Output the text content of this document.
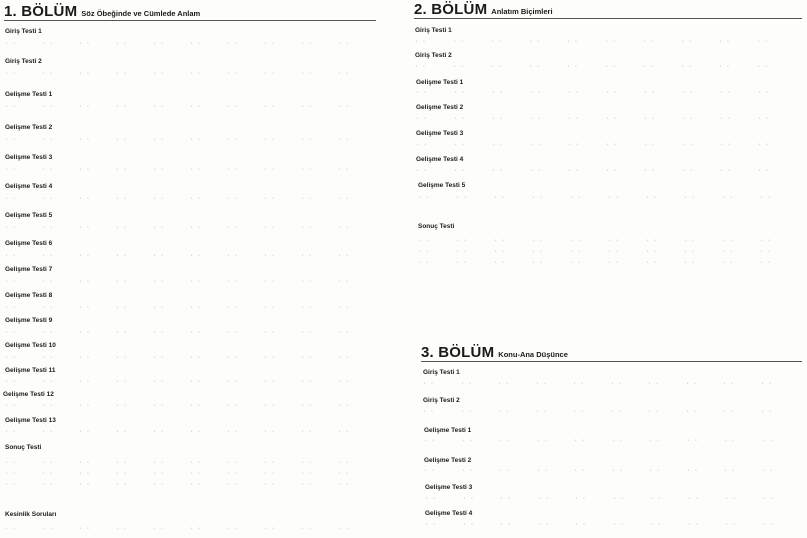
1. BÖLÜM Söz Öbeğinde ve Cümlede Anlam
Giriş Testi 1
· ·	· ·	· ·	· ·	· ·	· ·	· ·	· ·	· ·	· ·
Giriş Testi 2
· ·	· ·	· ·	· ·	· ·	· ·	· ·	· ·	· ·	· ·
Gelişme Testi 1
· ·	· ·	· ·	· ·	· ·	· ·	· ·	· ·	· ·	· ·
Gelişme Testi 2
· ·	· ·	· ·	· ·	· ·	· ·	· ·	· ·	· ·	· ·
Gelişme Testi 3
· ·	· ·	· ·	· ·	· ·	· ·	· ·	· ·	· ·	· ·
Gelişme Testi 4
· ·	· ·	· ·	· ·	· ·	· ·	· ·	· ·	· ·	· ·
Gelişme Testi 5
· ·	· ·	· ·	· ·	· ·	· ·	· ·	· ·	· ·	· ·
Gelişme Testi 6
· ·	· ·	· ·	· ·	· ·	· ·	· ·	· ·	· ·	· ·
Gelişme Testi 7
· ·	· ·	· ·	· ·	· ·	· ·	· ·	· ·	· ·	· ·
Gelişme Testi 8
· ·	· ·	· ·	· ·	· ·	· ·	· ·	· ·	· ·	· ·
Gelişme Testi 9
· ·	· ·	· ·	· ·	· ·	· ·	· ·	· ·	· ·	· ·
Gelişme Testi 10
· ·	· ·	· ·	· ·	· ·	· ·	· ·	· ·	· ·	· ·
Gelişme Testi 11
· ·	· ·	· ·	· ·	· ·	· ·	· ·	· ·	· ·	· ·
Gelişme Testi 12
· ·	· ·	· ·	· ·	· ·	· ·	· ·	· ·	· ·	· ·
Gelişme Testi 13
· ·	· ·	· ·	· ·	· ·	· ·	· ·	· ·	· ·	· ·
Sonuç Testi
· ·	· ·	· ·	· ·	· ·	· ·	· ·	· ·	· ·	· ·
· ·	· ·	· ·	· ·	· ·	· ·	· ·	· ·	· ·	· ·
· ·	· ·	· ·	· ·	· ·	· ·	· ·	· ·	· ·	· ·
Kesinlik Soruları
· ·	· ·	· ·	· ·	· ·	· ·	· ·	· ·	· ·	· ·
2. BÖLÜM Anlatım Biçimleri
Giriş Testi 1
· ·	· ·	· ·	· ·	· ·	· ·	· ·	· ·	· ·	· ·
Giriş Testi 2
· ·	· ·	· ·	· ·	· ·	· ·	· ·	· ·	· ·	· ·
Gelişme Testi 1
· ·	· ·	· ·	· ·	· ·	· ·	· ·	· ·	· ·	· ·
Gelişme Testi 2
· ·	· ·	· ·	· ·	· ·	· ·	· ·	· ·	· ·	· ·
Gelişme Testi 3
· ·	· ·	· ·	· ·	· ·	· ·	· ·	· ·	· ·	· ·
Gelişme Testi 4
· ·	· ·	· ·	· ·	· ·	· ·	· ·	· ·	· ·	· ·
Gelişme Testi 5
· ·	· ·	· ·	· ·	· ·	· ·	· ·	· ·	· ·	· ·
Sonuç Testi
· ·	· ·	· ·	· ·	· ·	· ·	· ·	· ·	· ·	· ·
· ·	· ·	· ·	· ·	· ·	· ·	· ·	· ·	· ·	· ·
· ·	· ·	· ·	· ·	· ·	· ·	· ·	· ·	· ·	· ·
3. BÖLÜM Konu-Ana Düşünce
Giriş Testi 1
· ·	· ·	· ·	· ·	· ·	· ·	· ·	· ·	· ·	· ·
Giriş Testi 2
· ·	· ·	· ·	· ·	· ·	· ·	· ·	· ·	· ·	· ·
Gelişme Testi 1
· ·	· ·	· ·	· ·	· ·	· ·	· ·	· ·	· ·	· ·
Gelişme Testi 2
· ·	· ·	· ·	· ·	· ·	· ·	· ·	· ·	· ·	· ·
Gelişme Testi 3
· ·	· ·	· ·	· ·	· ·	· ·	· ·	· ·	· ·	· ·
Gelişme Testi 4
· ·	· ·	· ·	· ·	· ·	· ·	· ·	· ·	· ·	· ·
